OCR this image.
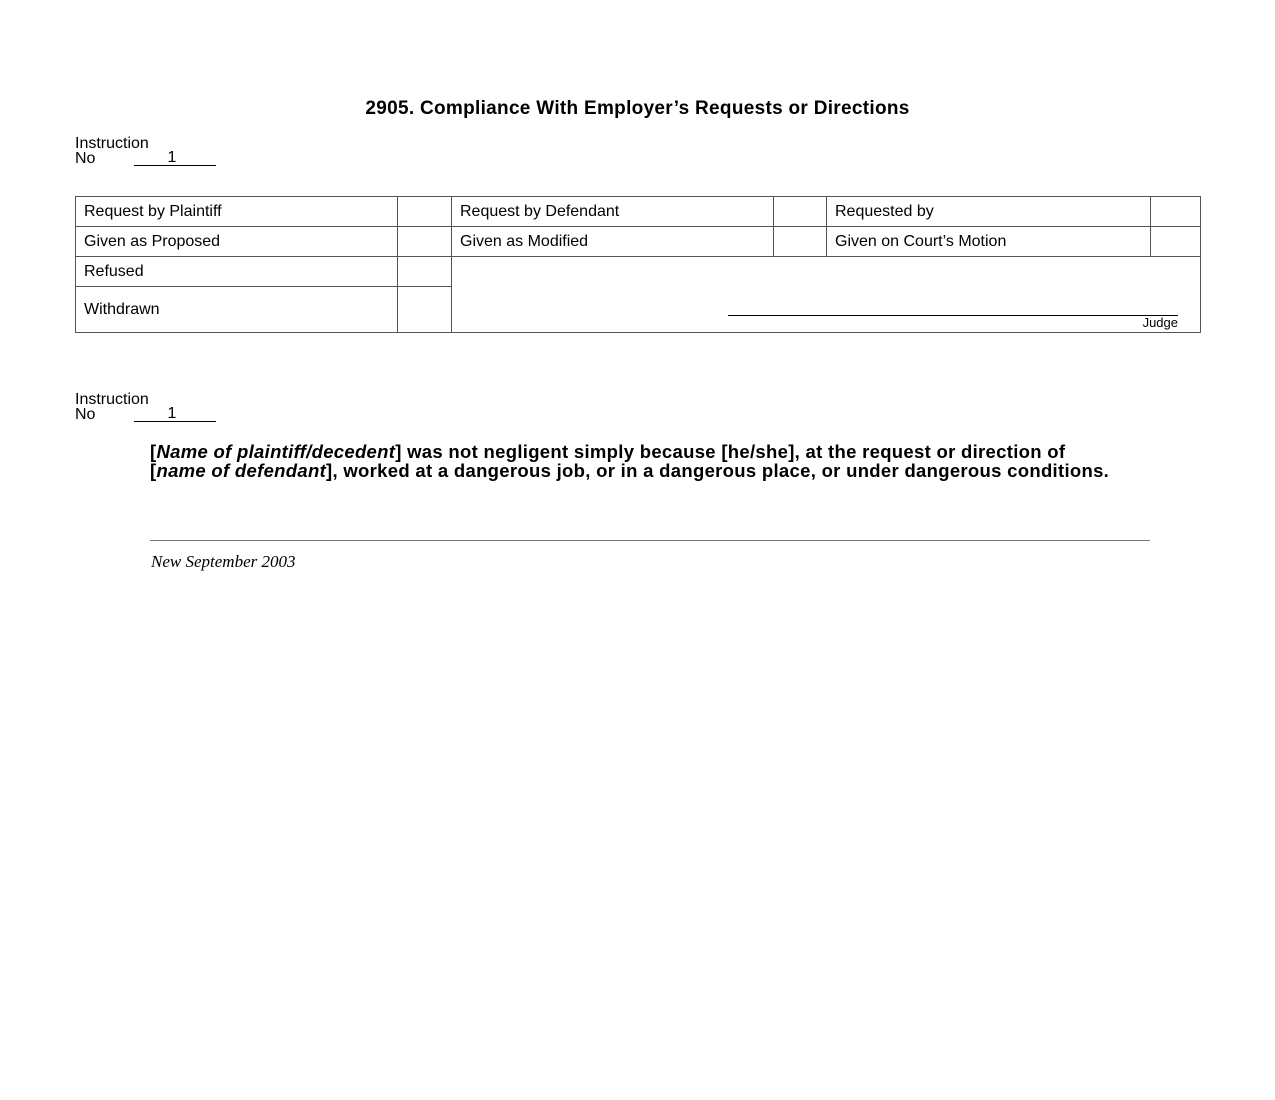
2905. Compliance With Employer’s Requests or Directions
Instruction
No	1
Request by Plaintiff		Request by Defendant		Requested by	
Given as Proposed		Given as Modified		Given on Court’s Motion	
Refused		Judge			

Withdrawn					
Instruction
No	1
[Name of plaintiff/decedent] was not negligent simply because [he/she], at the request or direction of [name of defendant], worked at a dangerous job, or in a dangerous place, or under dangerous conditions.
New September 2003
